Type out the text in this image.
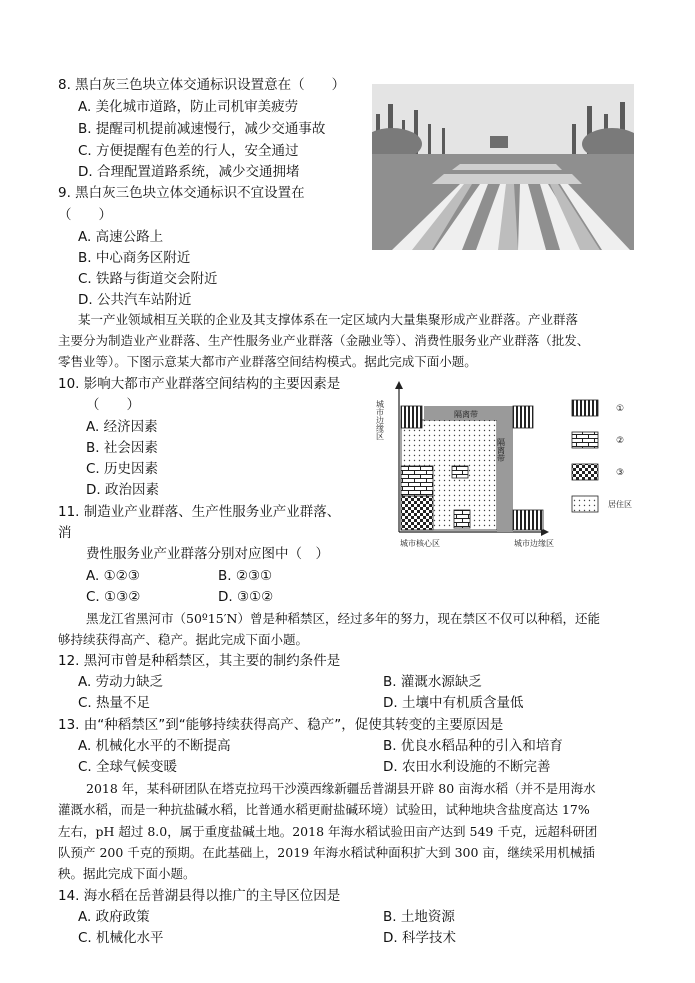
8. 黑白灰三色块立体交通标识设置意在（　　）
A. 美化城市道路，防止司机审美疲劳
B. 提醒司机提前减速慢行，减少交通事故
C. 方便提醒有色差的行人，安全通过
D. 合理配置道路系统，减少交通拥堵
9. 黑白灰三色块立体交通标识不宜设置在
（　　）
A. 高速公路上
B. 中心商务区附近
C. 铁路与街道交会附近
D. 公共汽车站附近
某一产业领域相互关联的企业及其支撑体系在一定区域内大量集聚形成产业群落。产业群落
主要分为制造业产业群落、生产性服务业产业群落（金融业等）、消费性服务业产业群落（批发、
零售业等）。下图示意某大都市产业群落空间结构模式。据此完成下面小题。
10. 影响大都市产业群落空间结构的主要因素是
（　　）
A. 经济因素
B. 社会因素
C. 历史因素
D. 政治因素
11. 制造业产业群落、生产性服务业产业群落、
消
费性服务业产业群落分别对应图中（　）
A. ①②③	B. ②③①
C. ①③②	D. ③①②
城市边缘区	隔离带
隔离带
城市核心区	城市边缘区
①
②
③
居住区
黑龙江省黑河市（50º15′N）曾是种稻禁区，经过多年的努力，现在禁区不仅可以种稻，还能
够持续获得高产、稳产。据此完成下面小题。
12. 黑河市曾是种稻禁区，其主要的制约条件是
A. 劳动力缺乏	B. 灌溉水源缺乏
C. 热量不足	D. 土壤中有机质含量低
13. 由“种稻禁区”到“能够持续获得高产、稳产”，促使其转变的主要原因是
A. 机械化水平的不断提高	B. 优良水稻品种的引入和培育
C. 全球气候变暖	D. 农田水利设施的不断完善
2018 年，某科研团队在塔克拉玛干沙漠西缘新疆岳普湖县开辟 80 亩海水稻（并不是用海水
灌溉水稻，而是一种抗盐碱水稻，比普通水稻更耐盐碱环境）试验田，试种地块含盐度高达 17%
左右，pH 超过 8.0，属于重度盐碱土地。2018 年海水稻试验田亩产达到 549 千克，远超科研团
队预产 200 千克的预期。在此基础上，2019 年海水稻试种面积扩大到 300 亩，继续采用机械插
秧。据此完成下面小题。
14. 海水稻在岳普湖县得以推广的主导区位因是
A. 政府政策	B. 土地资源
C. 机械化水平	D. 科学技术
